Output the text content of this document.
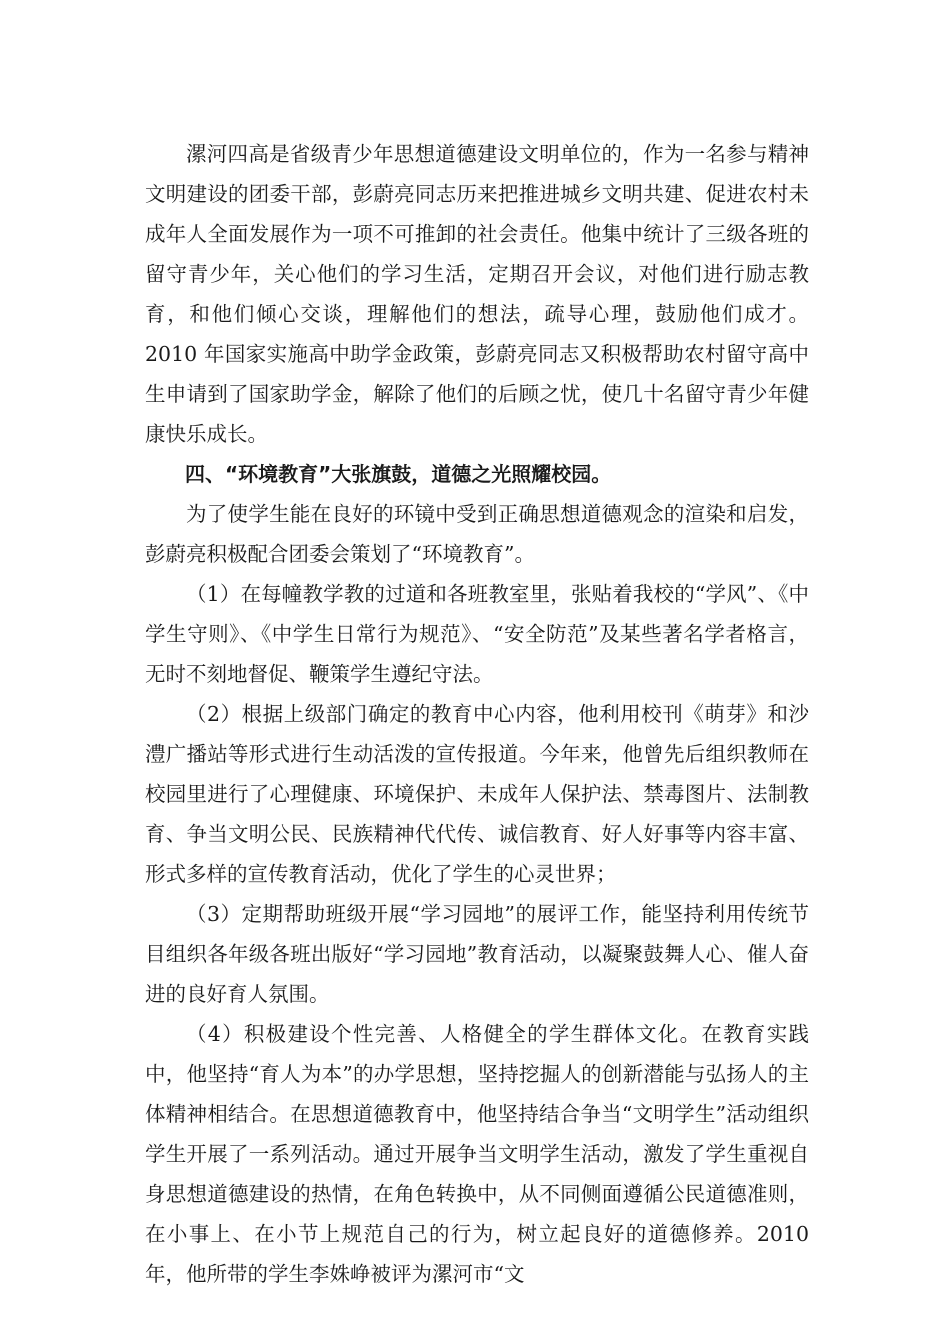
漯河四高是省级青少年思想道德建设文明单位的，作为一名参与精神文明建设的团委干部，彭蔚亮同志历来把推进城乡文明共建、促进农村未成年人全面发展作为一项不可推卸的社会责任。他集中统计了三级各班的留守青少年，关心他们的学习生活，定期召开会议，对他们进行励志教育，和他们倾心交谈，理解他们的想法，疏导心理，鼓励他们成才。2010 年国家实施高中助学金政策，彭蔚亮同志又积极帮助农村留守高中生申请到了国家助学金，解除了他们的后顾之忧，使几十名留守青少年健康快乐成长。

四、“环境教育”大张旗鼓，道德之光照耀校园。

为了使学生能在良好的环镜中受到正确思想道德观念的渲染和启发，彭蔚亮积极配合团委会策划了“环境教育”。

（1）在每幢教学教的过道和各班教室里，张贴着我校的“学风”、《中学生守则》、《中学生日常行为规范》、“安全防范”及某些著名学者格言，无时不刻地督促、鞭策学生遵纪守法。

（2）根据上级部门确定的教育中心内容，他利用校刊《萌芽》和沙澧广播站等形式进行生动活泼的宣传报道。今年来，他曾先后组织教师在校园里进行了心理健康、环境保护、未成年人保护法、禁毒图片、法制教育、争当文明公民、民族精神代代传、诚信教育、好人好事等内容丰富、形式多样的宣传教育活动，优化了学生的心灵世界；

（3）定期帮助班级开展“学习园地”的展评工作，能坚持利用传统节目组织各年级各班出版好“学习园地”教育活动，以凝聚鼓舞人心、催人奋进的良好育人氛围。

（4）积极建设个性完善、人格健全的学生群体文化。在教育实践中，他坚持“育人为本”的办学思想，坚持挖掘人的创新潜能与弘扬人的主体精神相结合。在思想道德教育中，他坚持结合争当“文明学生”活动组织学生开展了一系列活动。通过开展争当文明学生活动，激发了学生重视自身思想道德建设的热情，在角色转换中，从不同侧面遵循公民道德准则，在小事上、在小节上规范自己的行为，树立起良好的道德修养。2010 年，他所带的学生李姝峥被评为漯河市“文
